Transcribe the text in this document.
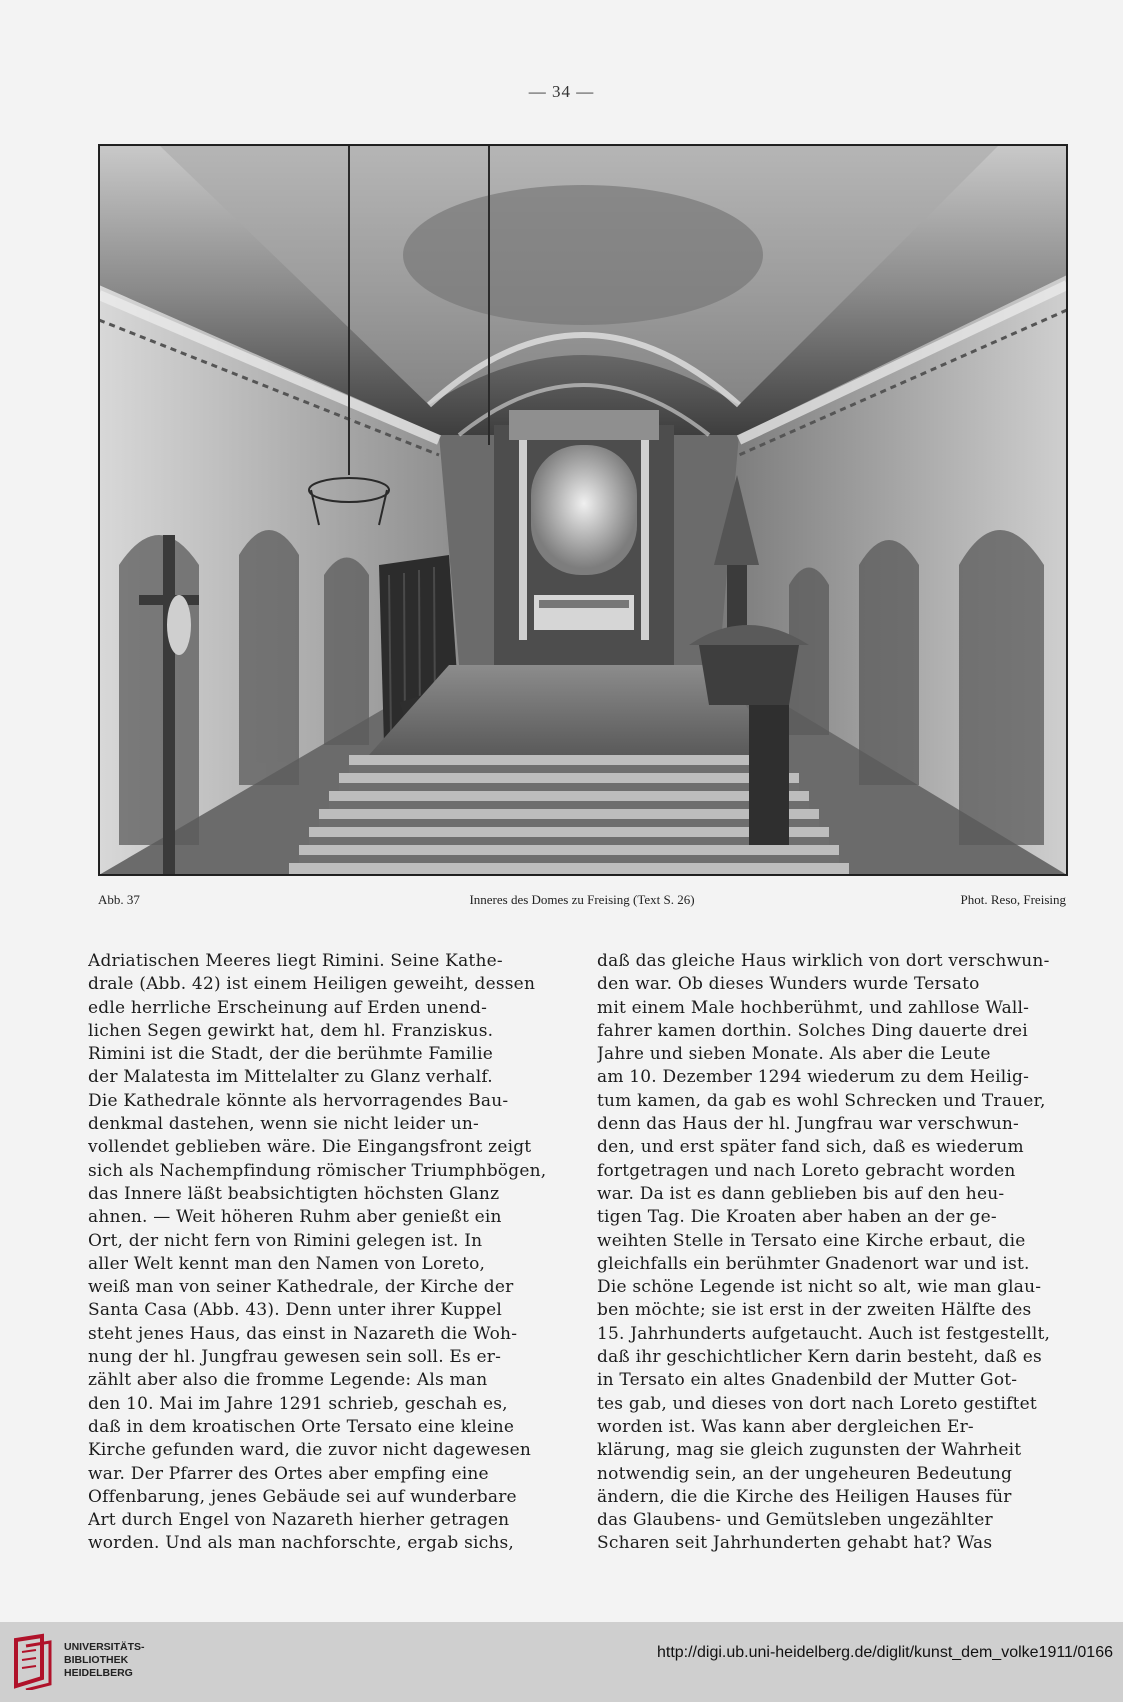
— 34 —
Abb. 37	Inneres des Domes zu Freising (Text S. 26)	Phot. Reso, Freising

Adriatischen Meeres liegt Rimini. Seine Kathe-

drale (Abb. 42) ist einem Heiligen geweiht, dessen

edle herrliche Erscheinung auf Erden unend-

lichen Segen gewirkt hat, dem hl. Franziskus.

Rimini ist die Stadt, der die berühmte Familie

der Malatesta im Mittelalter zu Glanz verhalf.

Die Kathedrale könnte als hervorragendes Bau-

denkmal dastehen, wenn sie nicht leider un-

vollendet geblieben wäre. Die Eingangsfront zeigt

sich als Nachempfindung römischer Triumphbögen,

das Innere läßt beabsichtigten höchsten Glanz

ahnen. — Weit höheren Ruhm aber genießt ein

Ort, der nicht fern von Rimini gelegen ist. In

aller Welt kennt man den Namen von Loreto,

weiß man von seiner Kathedrale, der Kirche der

Santa Casa (Abb. 43). Denn unter ihrer Kuppel

steht jenes Haus, das einst in Nazareth die Woh-

nung der hl. Jungfrau gewesen sein soll. Es er-

zählt aber also die fromme Legende: Als man

den 10. Mai im Jahre 1291 schrieb, geschah es,

daß in dem kroatischen Orte Tersato eine kleine

Kirche gefunden ward, die zuvor nicht dagewesen

war. Der Pfarrer des Ortes aber empfing eine

Offenbarung, jenes Gebäude sei auf wunderbare

Art durch Engel von Nazareth hierher getragen

worden. Und als man nachforschte, ergab sichs,

daß das gleiche Haus wirklich von dort verschwun-

den war. Ob dieses Wunders wurde Tersato

mit einem Male hochberühmt, und zahllose Wall-

fahrer kamen dorthin. Solches Ding dauerte drei

Jahre und sieben Monate. Als aber die Leute

am 10. Dezember 1294 wiederum zu dem Heilig-

tum kamen, da gab es wohl Schrecken und Trauer,

denn das Haus der hl. Jungfrau war verschwun-

den, und erst später fand sich, daß es wiederum

fortgetragen und nach Loreto gebracht worden

war. Da ist es dann geblieben bis auf den heu-

tigen Tag. Die Kroaten aber haben an der ge-

weihten Stelle in Tersato eine Kirche erbaut, die

gleichfalls ein berühmter Gnadenort war und ist.

Die schöne Legende ist nicht so alt, wie man glau-

ben möchte; sie ist erst in der zweiten Hälfte des

15. Jahrhunderts aufgetaucht. Auch ist festgestellt,

daß ihr geschichtlicher Kern darin besteht, daß es

in Tersato ein altes Gnadenbild der Mutter Got-

tes gab, und dieses von dort nach Loreto gestiftet

worden ist. Was kann aber dergleichen Er-

klärung, mag sie gleich zugunsten der Wahrheit

notwendig sein, an der ungeheuren Bedeutung

ändern, die die Kirche des Heiligen Hauses für

das Glaubens- und Gemütsleben ungezählter

Scharen seit Jahrhunderten gehabt hat? Was

UNIVERSITÄTS-
BIBLIOTHEK
HEIDELBERG
http://digi.ub.uni-heidelberg.de/diglit/kunst_dem_volke1911/0166
